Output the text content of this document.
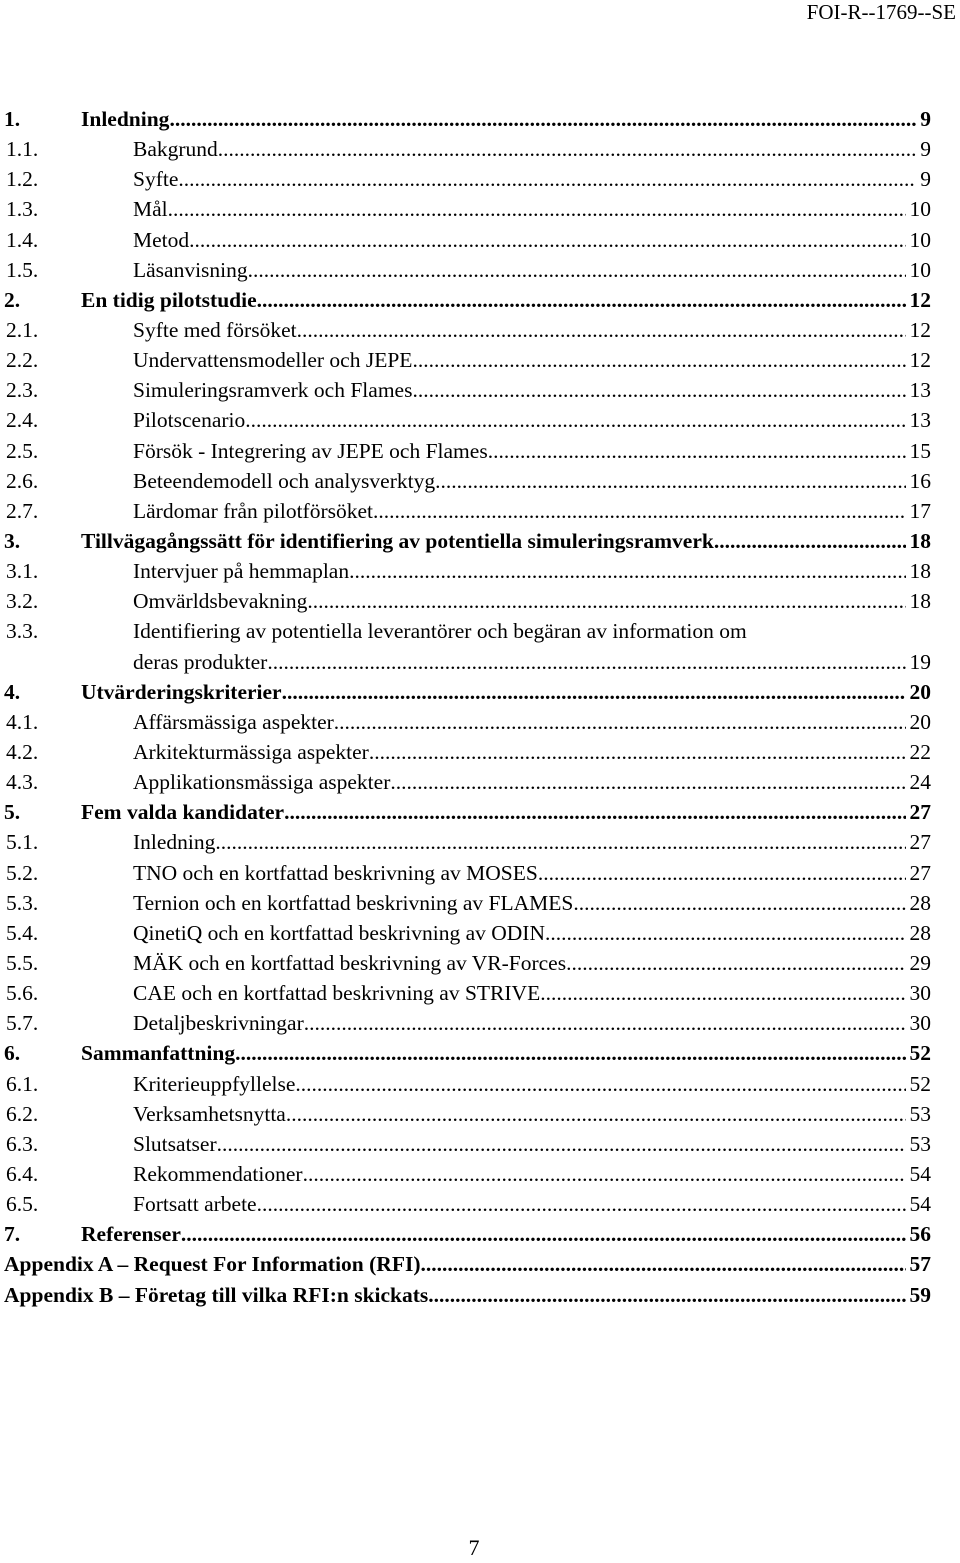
FOI-R--1769--SE
1.	Inledning .....	9
1.1.	Bakgrund .....	9
1.2.	Syfte .....	9
1.3.	Mål .....	10
1.4.	Metod .....	10
1.5.	Läsanvisning .....	10
2.	En tidig pilotstudie .....	12
2.1.	Syfte med försöket .....	12
2.2.	Undervattensmodeller och JEPE .....	12
2.3.	Simuleringsramverk och Flames .....	13
2.4.	Pilotscenario .....	13
2.5.	Försök - Integrering av JEPE och Flames .....	15
2.6.	Beteendemodell och analysverktyg .....	16
2.7.	Lärdomar från pilotförsöket .....	17
3.	Tillvägagångssätt för identifiering av potentiella simuleringsramverk .....	18
3.1.	Intervjuer på hemmaplan .....	18
3.2.	Omvärldsbevakning .....	18
3.3.	Identifiering av potentiella leverantörer och begäran av information om
deras produkter .....	19
4.	Utvärderingskriterier .....	20
4.1.	Affärsmässiga aspekter .....	20
4.2.	Arkitekturmässiga aspekter .....	22
4.3.	Applikationsmässiga aspekter .....	24
5.	Fem valda kandidater .....	27
5.1.	Inledning .....	27
5.2.	TNO och en kortfattad beskrivning av MOSES .....	27
5.3.	Ternion och en kortfattad beskrivning av FLAMES .....	28
5.4.	QinetiQ och en kortfattad beskrivning av ODIN .....	28
5.5.	MÄK och en kortfattad beskrivning av VR-Forces .....	29
5.6.	CAE och en kortfattad beskrivning av STRIVE .....	30
5.7.	Detaljbeskrivningar .....	30
6.	Sammanfattning .....	52
6.1.	Kriterieuppfyllelse .....	52
6.2.	Verksamhetsnytta .....	53
6.3.	Slutsatser .....	53
6.4.	Rekommendationer .....	54
6.5.	Fortsatt arbete .....	54
7.	Referenser .....	56
Appendix A – Request For Information (RFI) .....	57
Appendix B – Företag till vilka RFI:n skickats .....	59
7
